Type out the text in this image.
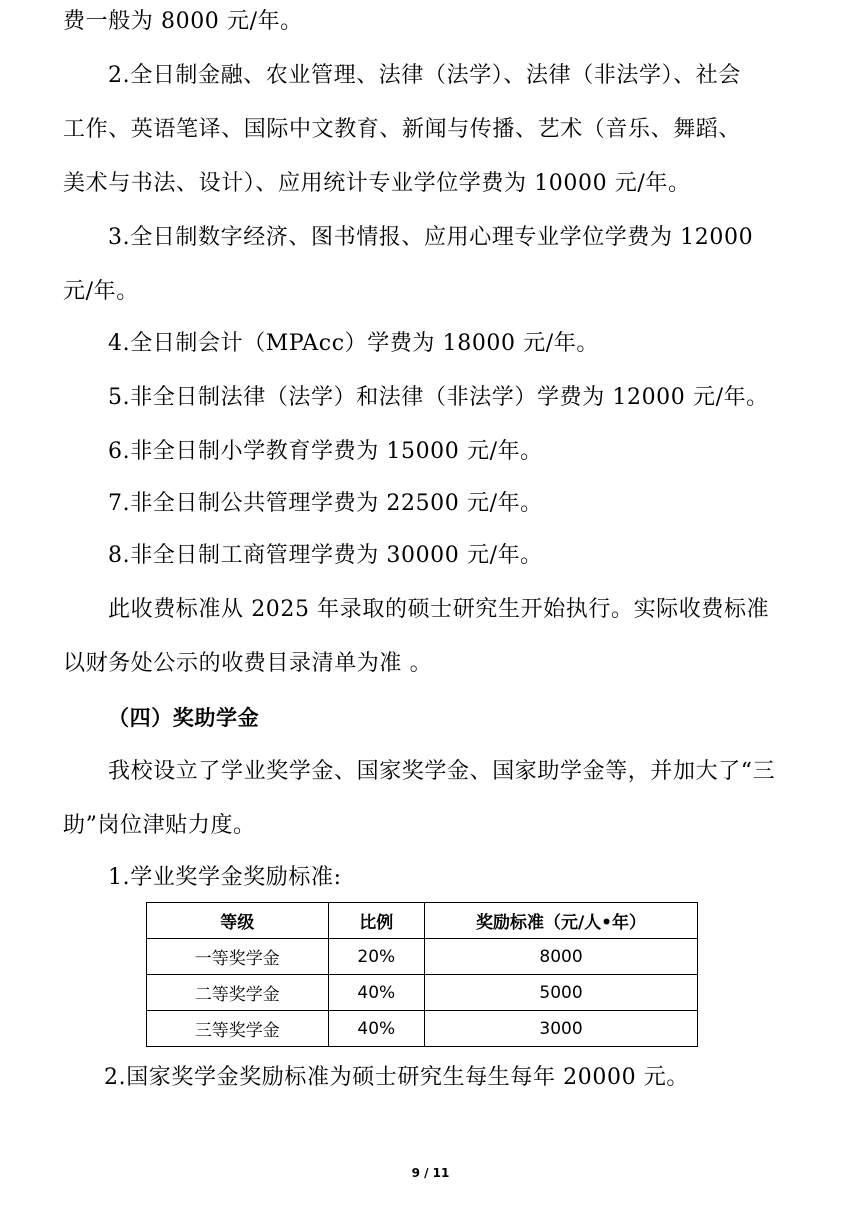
费一般为 8000 元/年。
2.全日制金融、农业管理、法律（法学）、法律（非法学）、社会
工作、英语笔译、国际中文教育、新闻与传播、艺术（音乐、舞蹈、
美术与书法、设计）、应用统计专业学位学费为 10000 元/年。
3.全日制数字经济、图书情报、应用心理专业学位学费为 12000
元/年。
4.全日制会计（MPAcc）学费为 18000 元/年。
5.非全日制法律（法学）和法律（非法学）学费为 12000 元/年。
6.非全日制小学教育学费为 15000 元/年。
7.非全日制公共管理学费为 22500 元/年。
8.非全日制工商管理学费为 30000 元/年。
此收费标准从 2025 年录取的硕士研究生开始执行。实际收费标准
以财务处公示的收费目录清单为准 。
（四）奖助学金
我校设立了学业奖学金、国家奖学金、国家助学金等，并加大了“三
助”岗位津贴力度。
1.学业奖学金奖励标准:
等级	比例	奖励标准（元/人•年）
一等奖学金	20%	8000
二等奖学金	40%	5000
三等奖学金	40%	3000
2.国家奖学金奖励标准为硕士研究生每生每年 20000 元。
9 / 11
